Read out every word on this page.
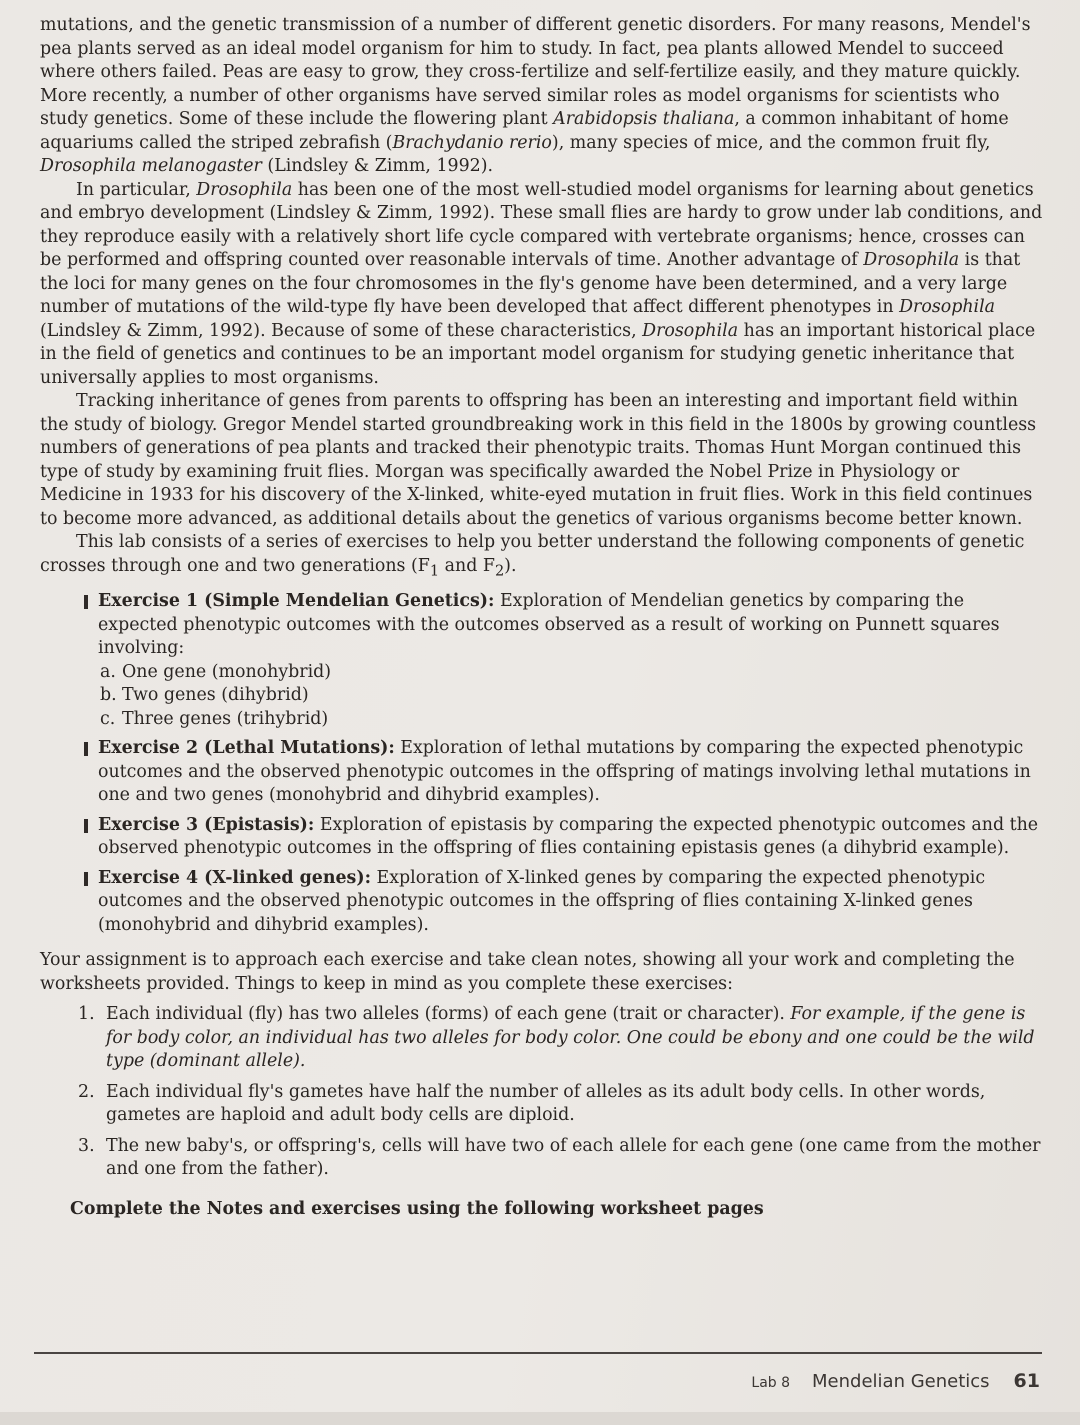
mutations, and the genetic transmission of a number of different genetic disorders. For many reasons, Mendel's pea plants served as an ideal model organism for him to study. In fact, pea plants allowed Mendel to succeed where others failed. Peas are easy to grow, they cross-fertilize and self-fertilize easily, and they mature quickly. More recently, a number of other organisms have served similar roles as model organisms for scientists who study genetics. Some of these include the flowering plant Arabidopsis thaliana, a common inhabitant of home aquariums called the striped zebrafish (Brachydanio rerio), many species of mice, and the common fruit fly, Drosophila melanogaster (Lindsley & Zimm, 1992).

In particular, Drosophila has been one of the most well-studied model organisms for learning about genetics and embryo development (Lindsley & Zimm, 1992). These small flies are hardy to grow under lab conditions, and they reproduce easily with a relatively short life cycle compared with vertebrate organisms; hence, crosses can be performed and offspring counted over reasonable intervals of time. Another advantage of Drosophila is that the loci for many genes on the four chromosomes in the fly's genome have been determined, and a very large number of mutations of the wild-type fly have been developed that affect different phenotypes in Drosophila (Lindsley & Zimm, 1992). Because of some of these characteristics, Drosophila has an important historical place in the field of genetics and continues to be an important model organism for studying genetic inheritance that universally applies to most organisms.

Tracking inheritance of genes from parents to offspring has been an interesting and important field within the study of biology. Gregor Mendel started groundbreaking work in this field in the 1800s by growing countless numbers of generations of pea plants and tracked their phenotypic traits. Thomas Hunt Morgan continued this type of study by examining fruit flies. Morgan was specifically awarded the Nobel Prize in Physiology or Medicine in 1933 for his discovery of the X-linked, white-eyed mutation in fruit flies. Work in this field continues to become more advanced, as additional details about the genetics of various organisms become better known.

This lab consists of a series of exercises to help you better understand the following components of genetic crosses through one and two generations ($F_1$ and $F_2$).

Exercise 1 (Simple Mendelian Genetics): Exploration of Mendelian genetics by comparing the expected phenotypic outcomes with the outcomes observed as a result of working on Punnett squares involving:
a. One gene (monohybrid)
b. Two genes (dihybrid)
c. Three genes (trihybrid)
Exercise 2 (Lethal Mutations): Exploration of lethal mutations by comparing the expected phenotypic outcomes and the observed phenotypic outcomes in the offspring of matings involving lethal mutations in one and two genes (monohybrid and dihybrid examples).
Exercise 3 (Epistasis): Exploration of epistasis by comparing the expected phenotypic outcomes and the observed phenotypic outcomes in the offspring of flies containing epistasis genes (a dihybrid example).
Exercise 4 (X-linked genes): Exploration of X-linked genes by comparing the expected phenotypic outcomes and the observed phenotypic outcomes in the offspring of flies containing X-linked genes (monohybrid and dihybrid examples).

Your assignment is to approach each exercise and take clean notes, showing all your work and completing the worksheets provided. Things to keep in mind as you complete these exercises:

1. Each individual (fly) has two alleles (forms) of each gene (trait or character). For example, if the gene is for body color, an individual has two alleles for body color. One could be ebony and one could be the wild type (dominant allele).
2. Each individual fly's gametes have half the number of alleles as its adult body cells. In other words, gametes are haploid and adult body cells are diploid.
3. The new baby's, or offspring's, cells will have two of each allele for each gene (one came from the mother and one from the father).

Complete the Notes and exercises using the following worksheet pages

Lab 8 Mendelian Genetics 61
